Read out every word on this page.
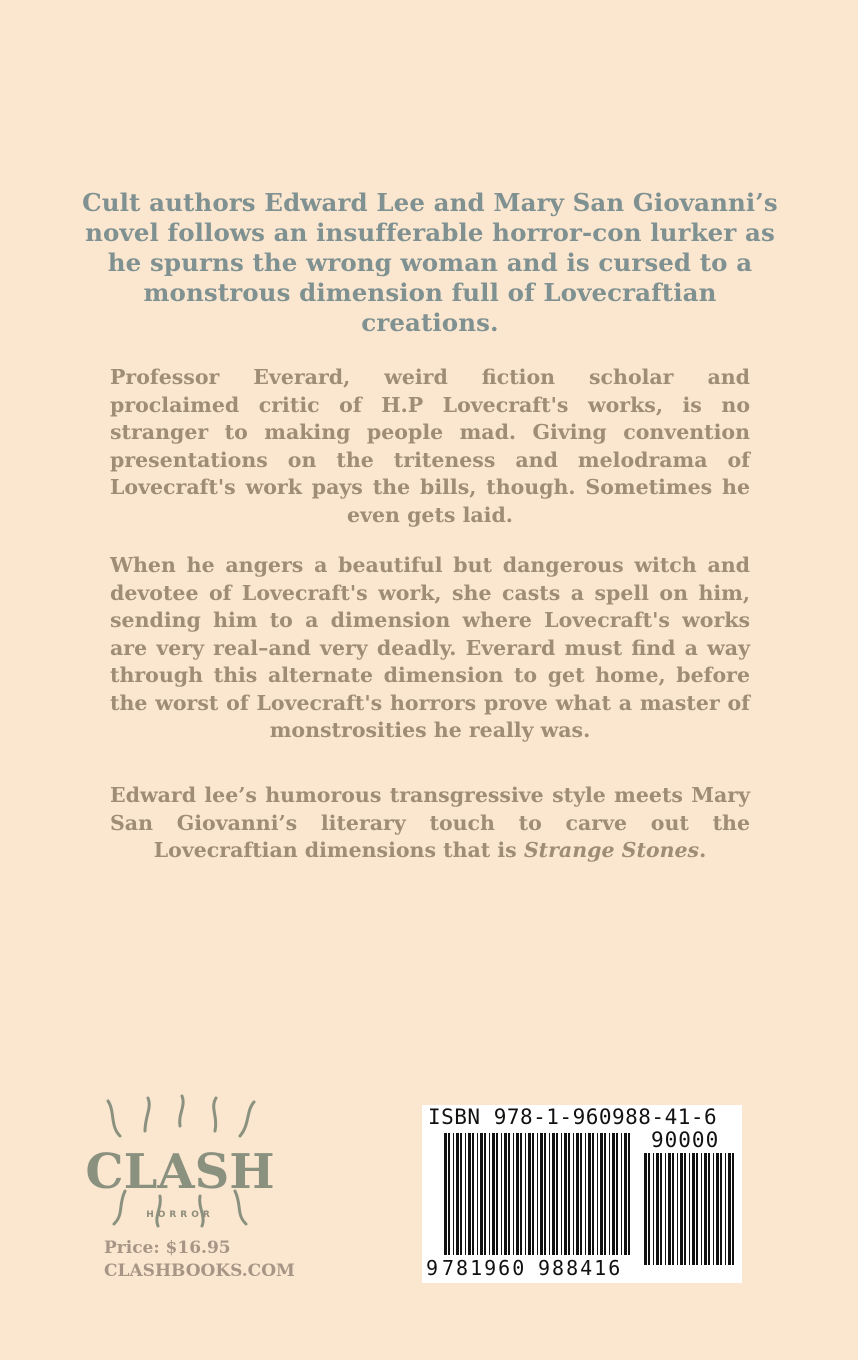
Cult authors Edward Lee and Mary San Giovanni’s novel follows an insufferable horror-con lurker as he spurns the wrong woman and is cursed to a monstrous dimension full of Lovecraftian creations.
Professor Everard, weird fiction scholar and proclaimed critic of H.P Lovecraft's works, is no stranger to making people mad. Giving convention presentations on the triteness and melodrama of Lovecraft's work pays the bills, though. Sometimes he even gets laid.
When he angers a beautiful but dangerous witch and devotee of Lovecraft's work, she casts a spell on him, sending him to a dimension where Lovecraft's works are very real–and very deadly. Everard must find a way through this alternate dimension to get home, before the worst of Lovecraft's horrors prove what a master of monstrosities he really was.
Edward lee’s humorous transgressive style meets Mary San Giovanni’s literary touch to carve out the Lovecraftian dimensions that is Strange Stones.
CLASH
HORROR
Price: $16.95
CLASHBOOKS.COM
ISBN 978-1-960988-41-6
9 781960 988416
90000
